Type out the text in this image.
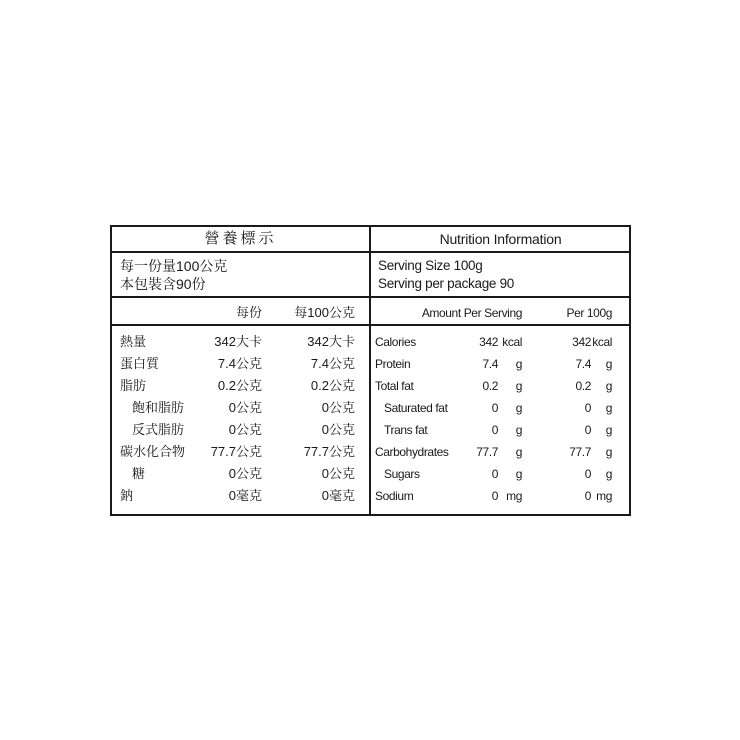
營養標示	Nutrition Information
每一份量100公克
本包裝含90份
Serving Size 100g
Serving per package 90
每份	每100公克	Amount Per Serving	Per 100g
熱量	342大卡	342大卡
蛋白質	7.4公克	7.4公克
脂肪	0.2公克	0.2公克
飽和脂肪	0公克	0公克
反式脂肪	0公克	0公克
碳水化合物	77.7公克	77.7公克
糖	0公克	0公克
鈉	0毫克	0毫克
Calories	342 kcal	342 kcal
Protein	7.4	g	7.4	g
Total fat	0.2	g	0.2	g
Saturated fat	0	g	0	g
Trans fat	0	g	0	g
Carbohydrates	77.7	g	77.7	g
Sugars	0	g	0	g
Sodium	0 mg	0 mg
